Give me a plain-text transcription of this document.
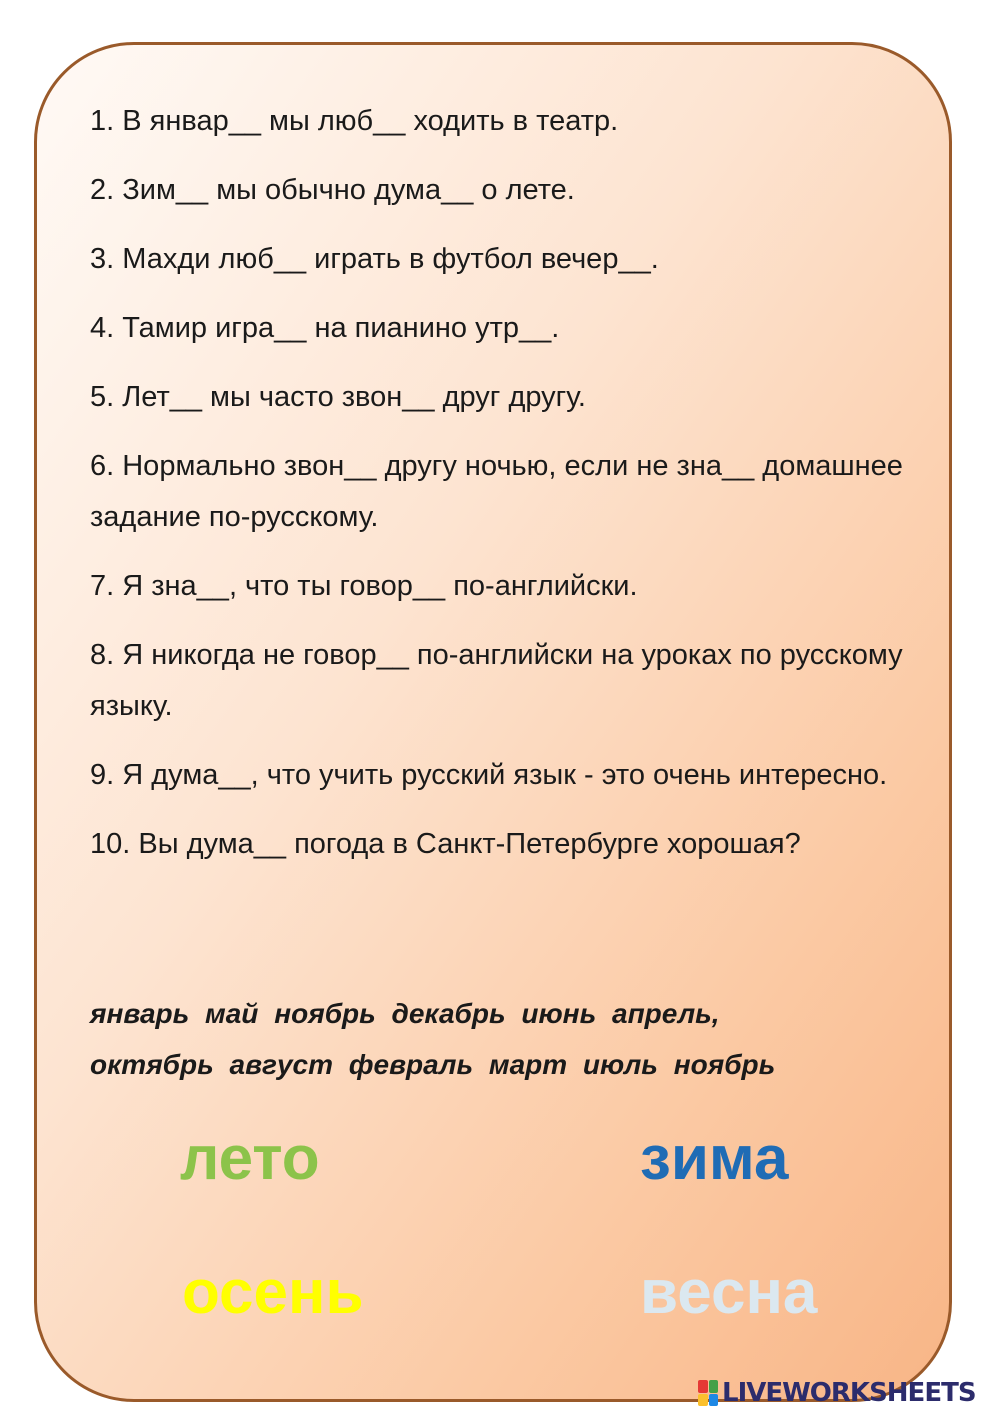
1. В январ__ мы люб__ ходить в театр.

2. Зим__ мы обычно дума__ о лете.

3. Махди люб__ играть в футбол вечер__.

4. Тамир игра__ на пианино утр__.

5. Лет__ мы часто звон__ друг другу.

6. Нормально звон__ другу ночью, если не зна__ домашнее задание по-русскому.

7. Я зна__, что ты говор__ по-английски.

8. Я никогда не говор__ по-английски на уроках по русскому языку.

9. Я дума__, что учить русский язык - это очень интересно.

10. Вы дума__ погода в Санкт-Петербурге хорошая?

январь май ноябрь декабрь июнь апрель,
октябрь август февраль март июль ноябрь
лето	зима
осень	весна
LIVEWORKSHEETS
